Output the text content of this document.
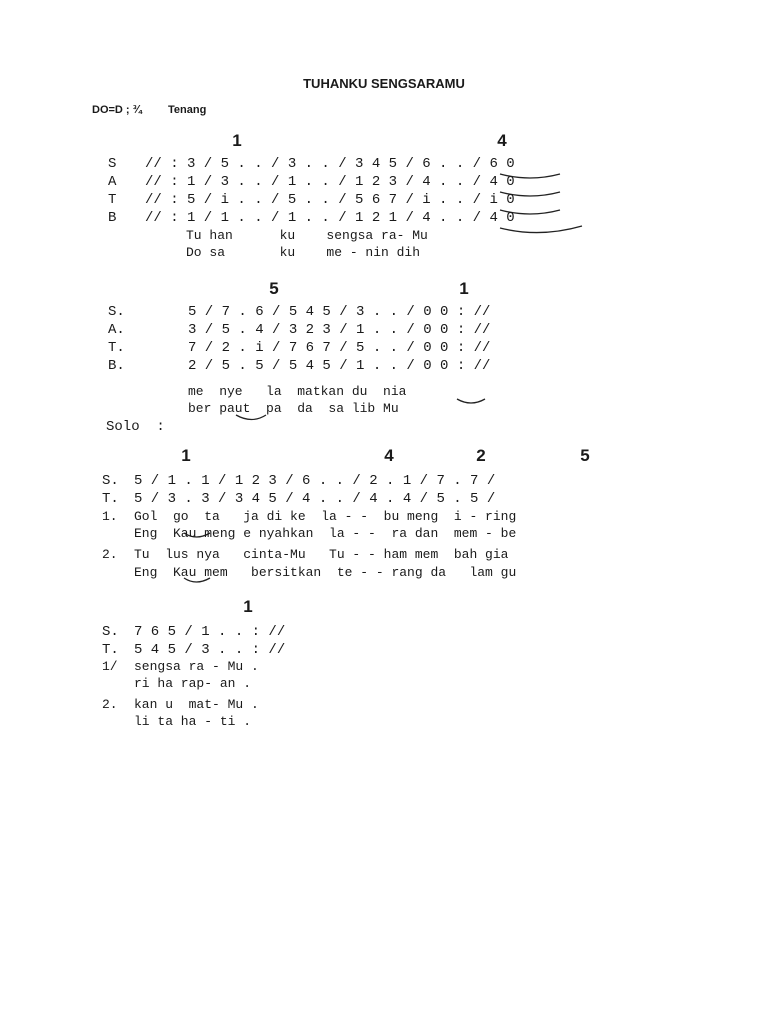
TUHANKU SENGSARAMU
DO=D ; ¾ Tenang
1	4
S // : 3 / 5 . . / 3 . . / 3 4 5 / 6 . . / 6 0
A // : 1 / 3 . . / 1 . . / 1 2 3 / 4 . . / 4 0
T // : 5 / i . . / 5 . . / 5 6 7 / i . . / i 0
B // : 1 / 1 . . / 1 . . / 1 2 1 / 4 . . / 4 0
Tu han      ku    sengsa ra- Mu
Do sa       ku    me - nin dih
5	1
S.	5 / 7 . 6 / 5 4 5 / 3 . . / 0 0 : //
A.	3 / 5 . 4 / 3 2 3 / 1 . . / 0 0 : //
T.	7 / 2 . i / 7 6 7 / 5 . . / 0 0 : //
B.	2 / 5 . 5 / 5 4 5 / 1 . . / 0 0 : //
me  nye   la  matkan du  nia
ber paut  pa  da  sa lib Mu
Solo  :
1	4	2	5
S. 5 / 1 . 1 / 1 2 3 / 6 . . / 2 . 1 / 7 . 7 /
T. 5 / 3 . 3 / 3 4 5 / 4 . . / 4 . 4 / 5 . 5 /
1. Gol  go  ta   ja di ke  la - -  bu meng  i - ring
Eng  Kau meng e nyahkan  la - -  ra dan  mem - be
2. Tu  lus nya   cinta-Mu   Tu - - ham mem  bah gia
Eng  Kau mem   bersitkan  te - - rang da   lam gu
1
S. 7 6 5 / 1 . . : //
T. 5 4 5 / 3 . . : //
1/ sengsa ra - Mu .
ri ha rap- an .
2. kan u  mat- Mu .
li ta ha - ti .
